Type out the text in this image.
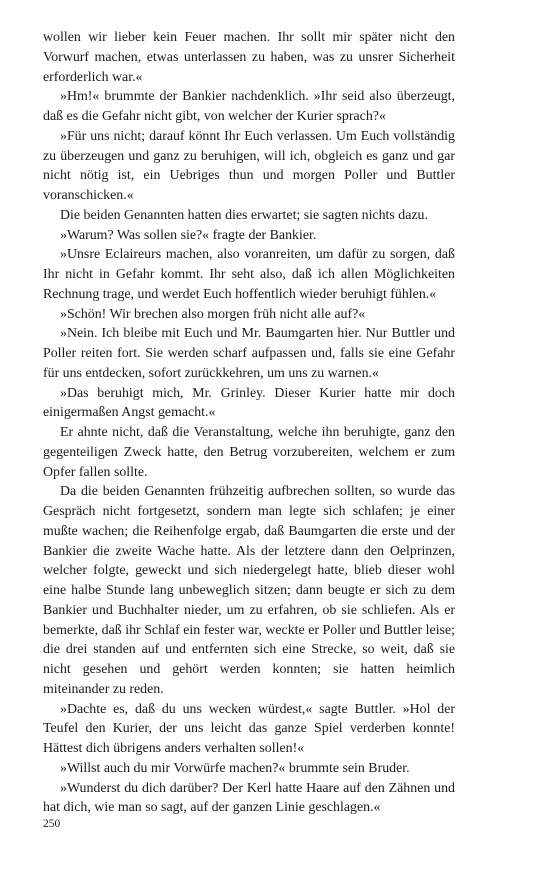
wollen wir lieber kein Feuer machen. Ihr sollt mir später nicht den Vorwurf machen, etwas unterlassen zu haben, was zu unsrer Sicherheit erforderlich war.«

»Hm!« brummte der Bankier nachdenklich. »Ihr seid also überzeugt, daß es die Gefahr nicht gibt, von welcher der Kurier sprach?«

»Für uns nicht; darauf könnt Ihr Euch verlassen. Um Euch vollständig zu überzeugen und ganz zu beruhigen, will ich, obgleich es ganz und gar nicht nötig ist, ein Uebriges thun und morgen Poller und Buttler voranschicken.«

Die beiden Genannten hatten dies erwartet; sie sagten nichts dazu.

»Warum? Was sollen sie?« fragte der Bankier.

»Unsre Eclaireurs machen, also voranreiten, um dafür zu sorgen, daß Ihr nicht in Gefahr kommt. Ihr seht also, daß ich allen Möglichkeiten Rechnung trage, und werdet Euch hoffentlich wieder beruhigt fühlen.«

»Schön! Wir brechen also morgen früh nicht alle auf?«

»Nein. Ich bleibe mit Euch und Mr. Baumgarten hier. Nur Buttler und Poller reiten fort. Sie werden scharf aufpassen und, falls sie eine Gefahr für uns entdecken, sofort zurückkehren, um uns zu warnen.«

»Das beruhigt mich, Mr. Grinley. Dieser Kurier hatte mir doch einigermaßen Angst gemacht.«

Er ahnte nicht, daß die Veranstaltung, welche ihn beruhigte, ganz den gegenteiligen Zweck hatte, den Betrug vorzubereiten, welchem er zum Opfer fallen sollte.

Da die beiden Genannten frühzeitig aufbrechen sollten, so wurde das Gespräch nicht fortgesetzt, sondern man legte sich schlafen; je einer mußte wachen; die Reihenfolge ergab, daß Baumgarten die erste und der Bankier die zweite Wache hatte. Als der letztere dann den Oelprinzen, welcher folgte, geweckt und sich niedergelegt hatte, blieb dieser wohl eine halbe Stunde lang unbeweglich sitzen; dann beugte er sich zu dem Bankier und Buchhalter nieder, um zu erfahren, ob sie schliefen. Als er bemerkte, daß ihr Schlaf ein fester war, weckte er Poller und Buttler leise; die drei standen auf und entfernten sich eine Strecke, so weit, daß sie nicht gesehen und gehört werden konnten; sie hatten heimlich miteinander zu reden.

»Dachte es, daß du uns wecken würdest,« sagte Buttler. »Hol der Teufel den Kurier, der uns leicht das ganze Spiel verderben konnte! Hättest dich übrigens anders verhalten sollen!«

»Willst auch du mir Vorwürfe machen?« brummte sein Bruder.

»Wunderst du dich darüber? Der Kerl hatte Haare auf den Zähnen und hat dich, wie man so sagt, auf der ganzen Linie geschlagen.«

250
